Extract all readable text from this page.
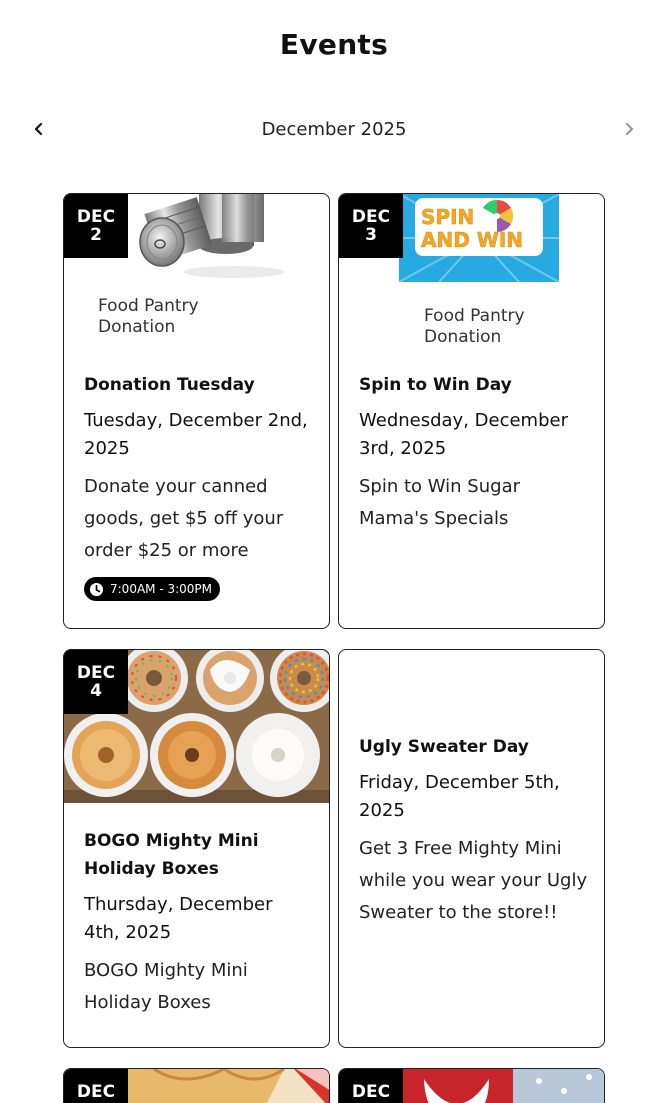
Events
December 2025
Food Pantry
Donation
DEC
2
Donation Tuesday
Tuesday, December 2nd, 2025
Donate your canned goods, get $5 off your order $25 or more
7:00AM - 3:00PM
SPIN
AND WIN
Food Pantry
Donation
DEC
3
Spin to Win Day
Wednesday, December 3rd, 2025
Spin to Win Sugar Mama's Specials
DEC
4
BOGO Mighty Mini Holiday Boxes
Thursday, December 4th, 2025
BOGO Mighty Mini Holiday Boxes
Ugly Sweater Day
Friday, December 5th, 2025
Get 3 Free Mighty Mini while you wear your Ugly Sweater to the store!!
DEC	DEC
